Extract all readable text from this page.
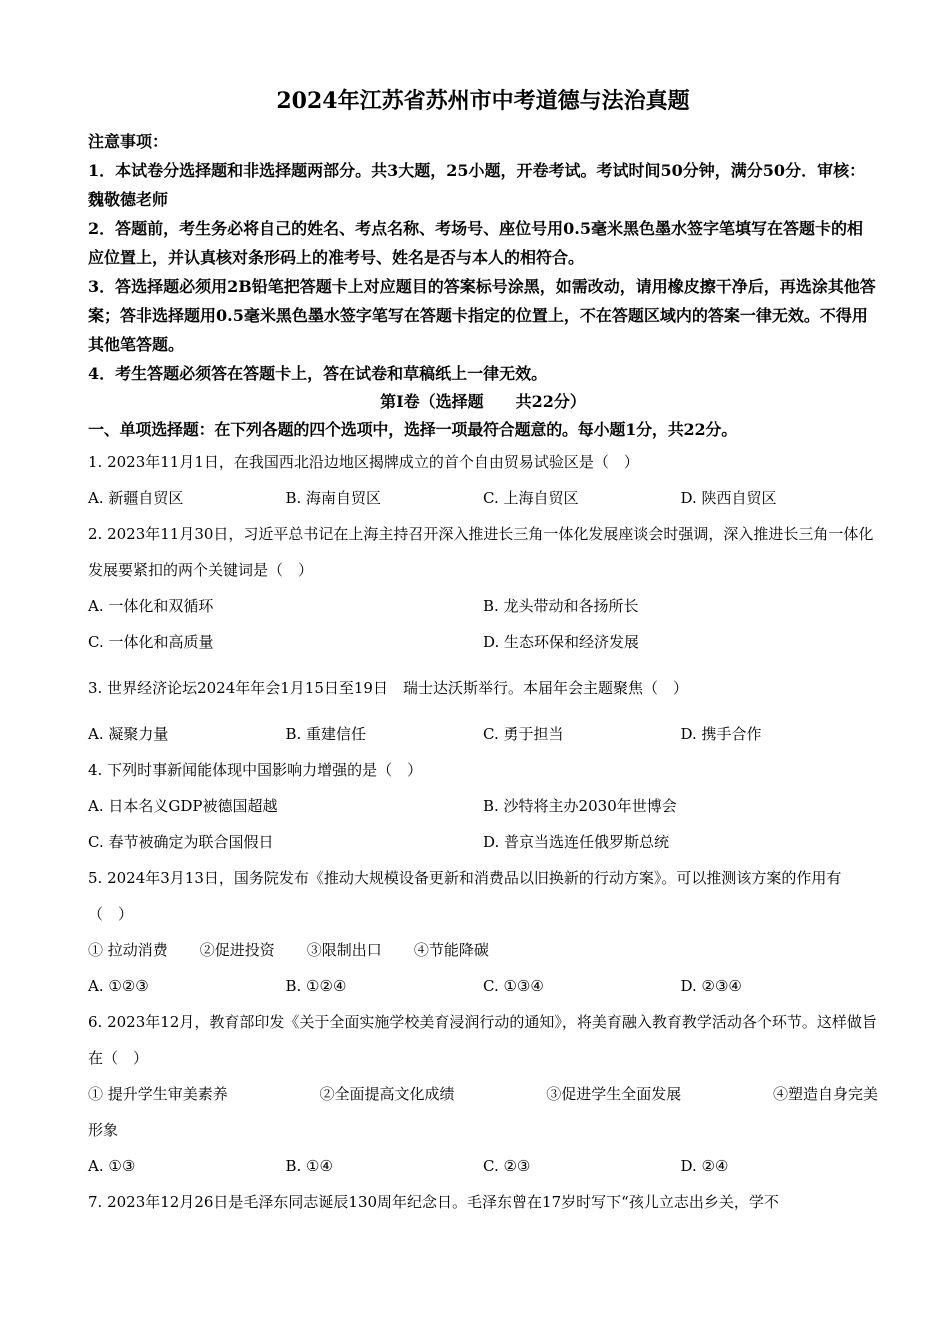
2024年江苏省苏州市中考道德与法治真题
注意事项：
1．本试卷分选择题和非选择题两部分。共3大题，25小题，开卷考试。考试时间50分钟，满分50分．审核：魏敬德老师
2．答题前，考生务必将自己的姓名、考点名称、考场号、座位号用0.5毫米黑色墨水签字笔填写在答题卡的相应位置上，并认真核对条形码上的准考号、姓名是否与本人的相符合。
3．答选择题必须用2B铅笔把答题卡上对应题目的答案标号涂黑，如需改动，请用橡皮擦干净后，再选涂其他答案；答非选择题用0.5毫米黑色墨水签字笔写在答题卡指定的位置上，不在答题区域内的答案一律无效。不得用其他笔答题。
4．考生答题必须答在答题卡上，答在试卷和草稿纸上一律无效。
第I卷（选择题　　共22分）
一、单项选择题：在下列各题的四个选项中，选择一项最符合题意的。每小题1分，共22分。
1. 2023年11月1日，在我国西北沿边地区揭牌成立的首个自由贸易试验区是（　）
A. 新疆自贸区	B. 海南自贸区	C. 上海自贸区	D. 陕西自贸区
2. 2023年11月30日，习近平总书记在上海主持召开深入推进长三角一体化发展座谈会时强调，深入推进长三角一体化发展要紧扣的两个关键词是（　）
A. 一体化和双循环	B. 龙头带动和各扬所长
C. 一体化和高质量	D. 生态环保和经济发展
3. 世界经济论坛2024年年会1月15日至19日　瑞士达沃斯举行。本届年会主题聚焦（　）
A. 凝聚力量	B. 重建信任	C. 勇于担当	D. 携手合作
4. 下列时事新闻能体现中国影响力增强的是（　）
A. 日本名义GDP被德国超越	B. 沙特将主办2030年世博会
C. 春节被确定为联合国假日	D. 普京当选连任俄罗斯总统
5. 2024年3月13日，国务院发布《推动大规模设备更新和消费品以旧换新的行动方案》。可以推测该方案的作用有（　）
① 拉动消费 ②促进投资 ③限制出口 ④节能降碳
A. ①②③	B. ①②④	C. ①③④	D. ②③④
6. 2023年12月，教育部印发《关于全面实施学校美育浸润行动的通知》，将美育融入教育教学活动各个环节。这样做旨在（　）
① 提升学生审美素养	②全面提高文化成绩	③促进学生全面发展	④塑造自身完美
形象
A. ①③	B. ①④	C. ②③	D. ②④
7. 2023年12月26日是毛泽东同志诞辰130周年纪念日。毛泽东曾在17岁时写下“孩儿立志出乡关，学不
